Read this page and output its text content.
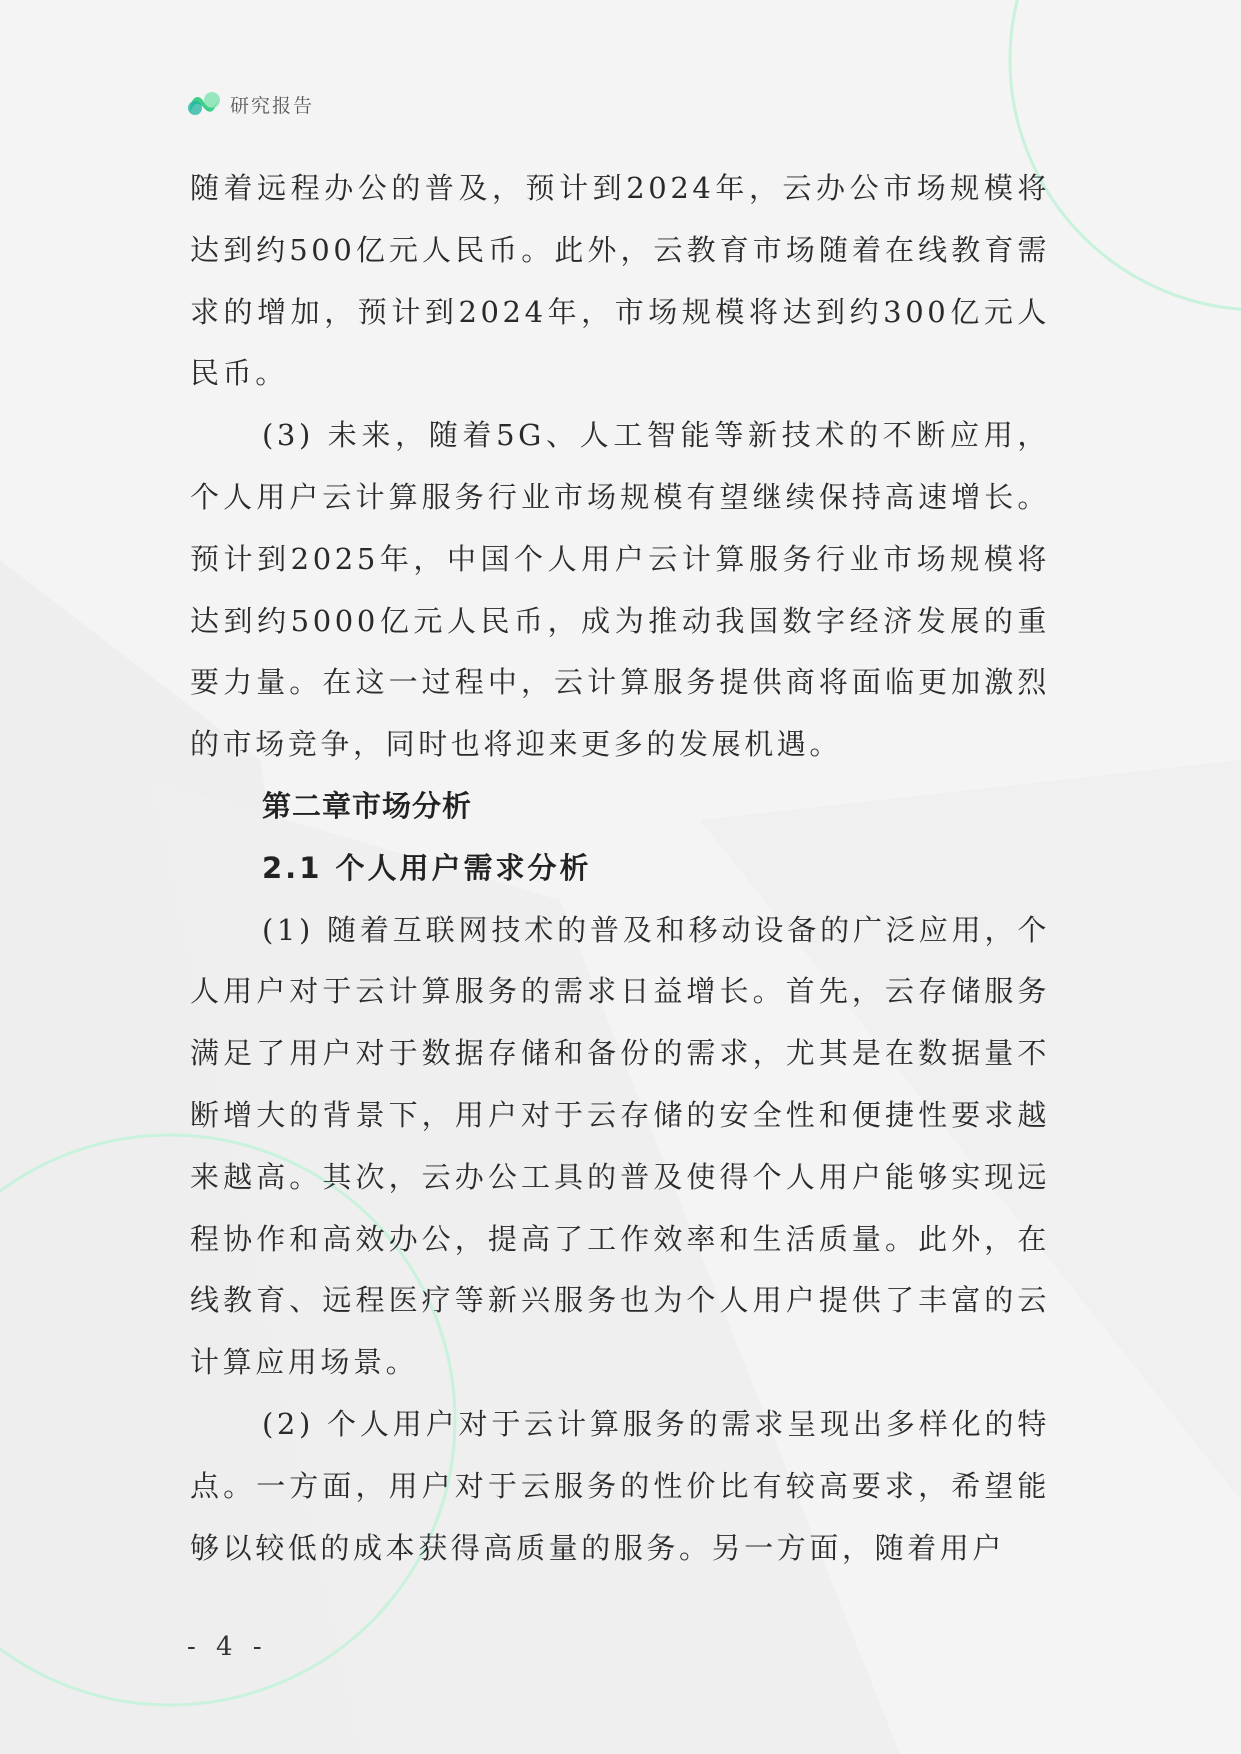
研究报告

随着远程办公的普及，预计到2024年，云办公市场规模将达到约500亿元人民币。此外，云教育市场随着在线教育需求的增加，预计到2024年，市场规模将达到约300亿元人民币。

(3) 未来，随着5G、人工智能等新技术的不断应用，个人用户云计算服务行业市场规模有望继续保持高速增长。预计到2025年，中国个人用户云计算服务行业市场规模将达到约5000亿元人民币，成为推动我国数字经济发展的重要力量。在这一过程中，云计算服务提供商将面临更加激烈的市场竞争，同时也将迎来更多的发展机遇。

第二章市场分析
2.1 个人用户需求分析

(1) 随着互联网技术的普及和移动设备的广泛应用，个人用户对于云计算服务的需求日益增长。首先，云存储服务满足了用户对于数据存储和备份的需求，尤其是在数据量不断增大的背景下，用户对于云存储的安全性和便捷性要求越来越高。其次，云办公工具的普及使得个人用户能够实现远程协作和高效办公，提高了工作效率和生活质量。此外，在线教育、远程医疗等新兴服务也为个人用户提供了丰富的云计算应用场景。

(2) 个人用户对于云计算服务的需求呈现出多样化的特点。一方面，用户对于云服务的性价比有较高要求，希望能够以较低的成本获得高质量的服务。另一方面，随着用户

- 4 -
